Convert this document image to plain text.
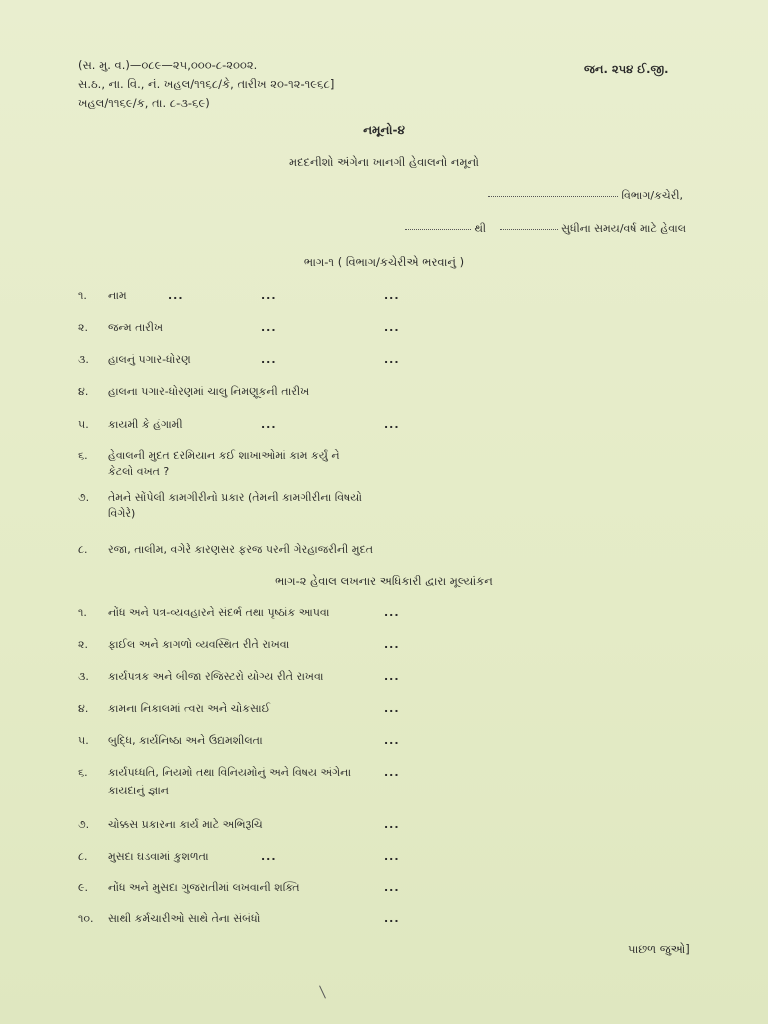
(સ. મુ. વ.)—૦૮૯—૨૫,૦૦૦-૮-૨૦૦૨.
સ.ઠ., ના. વિ., નં. ખહલ/૧૧૬૮/કે, તારીખ ૨૦-૧૨-૧૯૬૮]
ખહલ/૧૧૬૯/ક, તા. ૮-૩-૬૯)
જન. ૨૫૪ ઈ.જી.
નમૂનો-૪
મદદનીશો અંગેના ખાનગી હેવાલનો નમૂનો
વિભાગ/કચેરી,
થી	સુધીના સમય/વર્ષ માટે હેવાલ
ભાગ-૧ ( વિભાગ/કચેરીએ ભરવાનું )
૧.	નામ	...	...	...
૨.	જન્મ તારીખ	...	...
૩.	હાલનું પગાર-ધોરણ	...	...
૪.	હાલના પગાર-ધોરણમાં ચાલુ નિમણૂકની તારીખ
૫.	કાયમી કે હંગામી	...	...
૬.	હેવાલની મુદત દરમિયાન કઈ શાખાઓમાં કામ કર્યું ને
કેટલો વખત ?
૭.	તેમને સોંપેલી કામગીરીનો પ્રકાર (તેમની કામગીરીના વિષયો
વિગેરે)
૮.	રજા, તાલીમ, વગેરે કારણસર ફરજ પરની ગેરહાજરીની મુદત
ભાગ-૨ હેવાલ લખનાર અધિકારી દ્વારા મૂલ્યાંકન
૧.	નોંધ અને પત્ર-વ્યવહારને સંદર્ભ તથા પૃષ્ઠાંક આપવા	...
૨.	ફાઈલ અને કાગળો વ્યવસ્થિત રીતે રાખવા	...
૩.	કાર્યપત્રક અને બીજા રજિસ્ટરો યોગ્ય રીતે રાખવા	...
૪.	કામના નિકાલમાં ત્વરા અને ચોકસાઈ	...
૫.	બુદ્ધિ, કાર્યનિષ્ઠા અને ઉદ્યમશીલતા	...
૬.	કાર્યપધ્ધતિ, નિયમો તથા વિનિયમોનું અને વિષય અંગેના
કાયદાનું જ્ઞાન
...
૭.	ચોક્કસ પ્રકારના કાર્ય માટે અભિરૂચિ	...
૮.	મુસદા ઘડવામાં કુશળતા	...	...
૯.	નોંધ અને મુસદા ગુજરાતીમાં લખવાની શક્તિ	...
૧૦.	સાથી કર્મચારીઓ સાથે તેના સંબંધો	...
પાછળ જુઓ]
